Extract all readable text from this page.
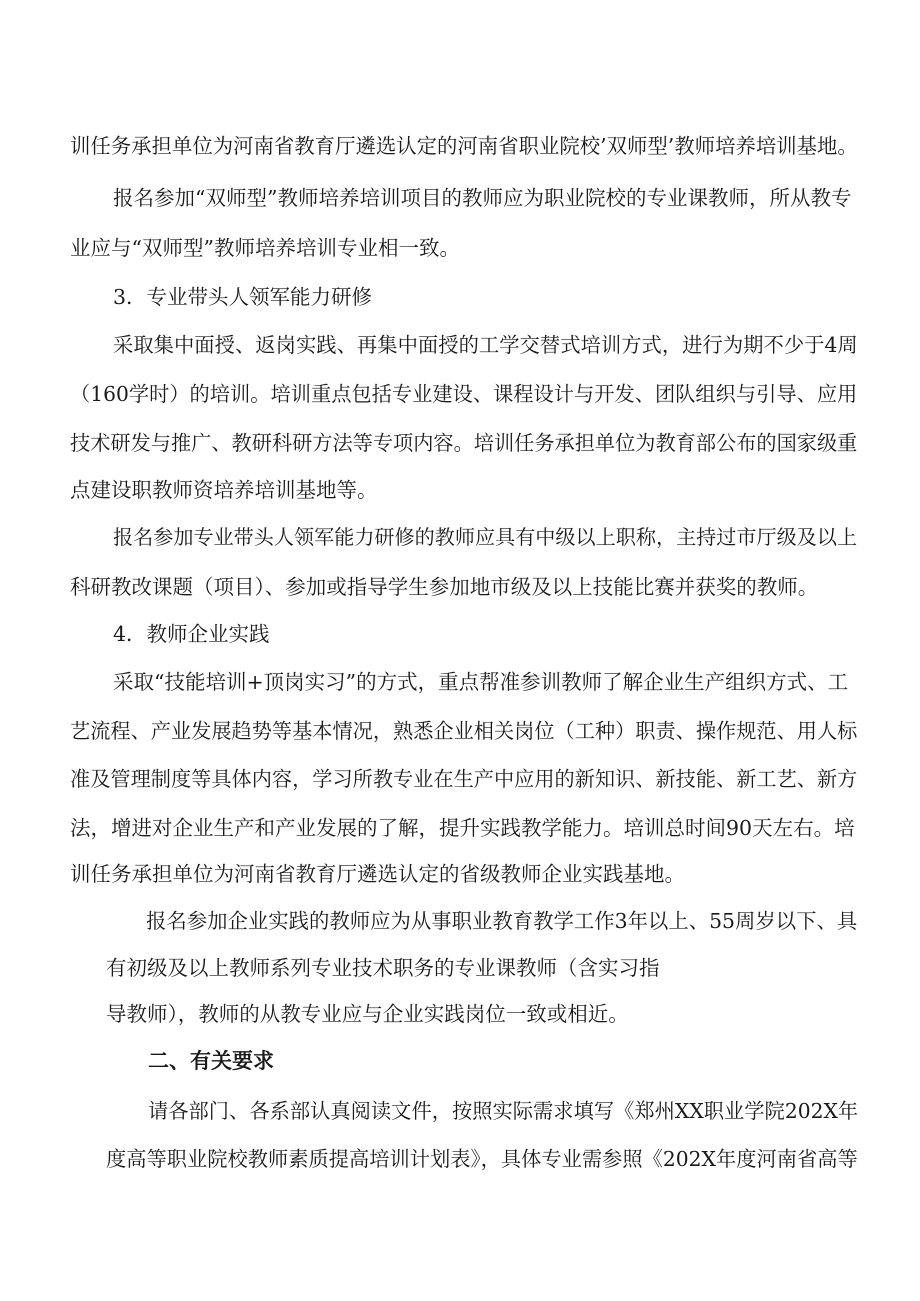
训任务承担单位为河南省教育厅遴选认定的河南省职业院校’双师型’教师培养培训基地。
报名参加“双师型”教师培养培训项目的教师应为职业院校的专业课教师，所从教专
业应与“双师型”教师培养培训专业相一致。
3．专业带头人领军能力研修
采取集中面授、返岗实践、再集中面授的工学交替式培训方式，进行为期不少于4周
（160学时）的培训。培训重点包括专业建设、课程设计与开发、团队组织与引导、应用
技术研发与推广、教研科研方法等专项内容。培训任务承担单位为教育部公布的国家级重
点建设职教师资培养培训基地等。
报名参加专业带头人领军能力研修的教师应具有中级以上职称，主持过市厅级及以上
科研教改课题（项目）、参加或指导学生参加地市级及以上技能比赛并获奖的教师。
4．教师企业实践
采取“技能培训+顶岗实习”的方式，重点帮准参训教师了解企业生产组织方式、工
艺流程、产业发展趋势等基本情况，熟悉企业相关岗位（工种）职责、操作规范、用人标
准及管理制度等具体内容，学习所教专业在生产中应用的新知识、新技能、新工艺、新方
法，增进对企业生产和产业发展的了解，提升实践教学能力。培训总时间90天左右。培
训任务承担单位为河南省教育厅遴选认定的省级教师企业实践基地。
报名参加企业实践的教师应为从事职业教育教学工作3年以上、55周岁以下、具
有初级及以上教师系列专业技术职务的专业课教师（含实习指
导教师），教师的从教专业应与企业实践岗位一致或相近。
二、有关要求
请各部门、各系部认真阅读文件，按照实际需求填写《郑州XX职业学院202X年
度高等职业院校教师素质提高培训计划表》，具体专业需参照《202X年度河南省高等
